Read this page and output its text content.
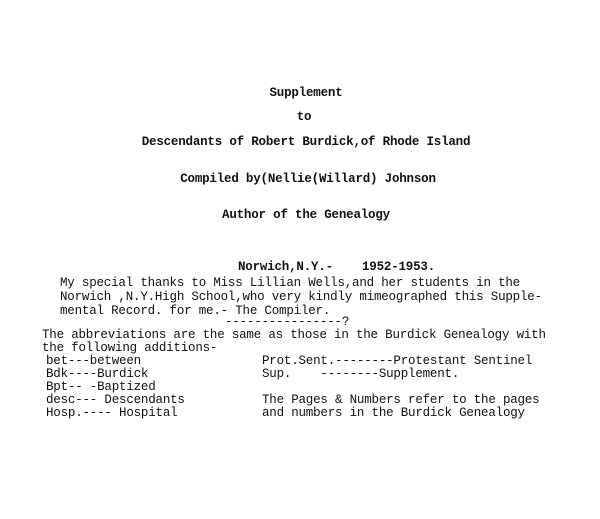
Supplement
to
Descendants of Robert Burdick,of Rhode Island
Compiled by(Nellie(Willard) Johnson
Author of the Genealogy
Norwich,N.Y.- 1952-1953.
My special thanks to Miss Lillian Wells,and her students in the
Norwich ,N.Y.High School,who very kindly mimeographed this Supple-
mental Record. for me.- The Compiler.
----------------?
The abbreviations are the same as those in the Burdick Genealogy with
the following additions-
bet---between
Bdk----Burdick
Bpt-- -Baptized
desc--- Descendants
Hosp.---- Hospital
Prot.Sent.--------Protestant Sentinel
Sup.    --------Supplement.
The Pages & Numbers refer to the pages
and numbers in the Burdick Genealogy
